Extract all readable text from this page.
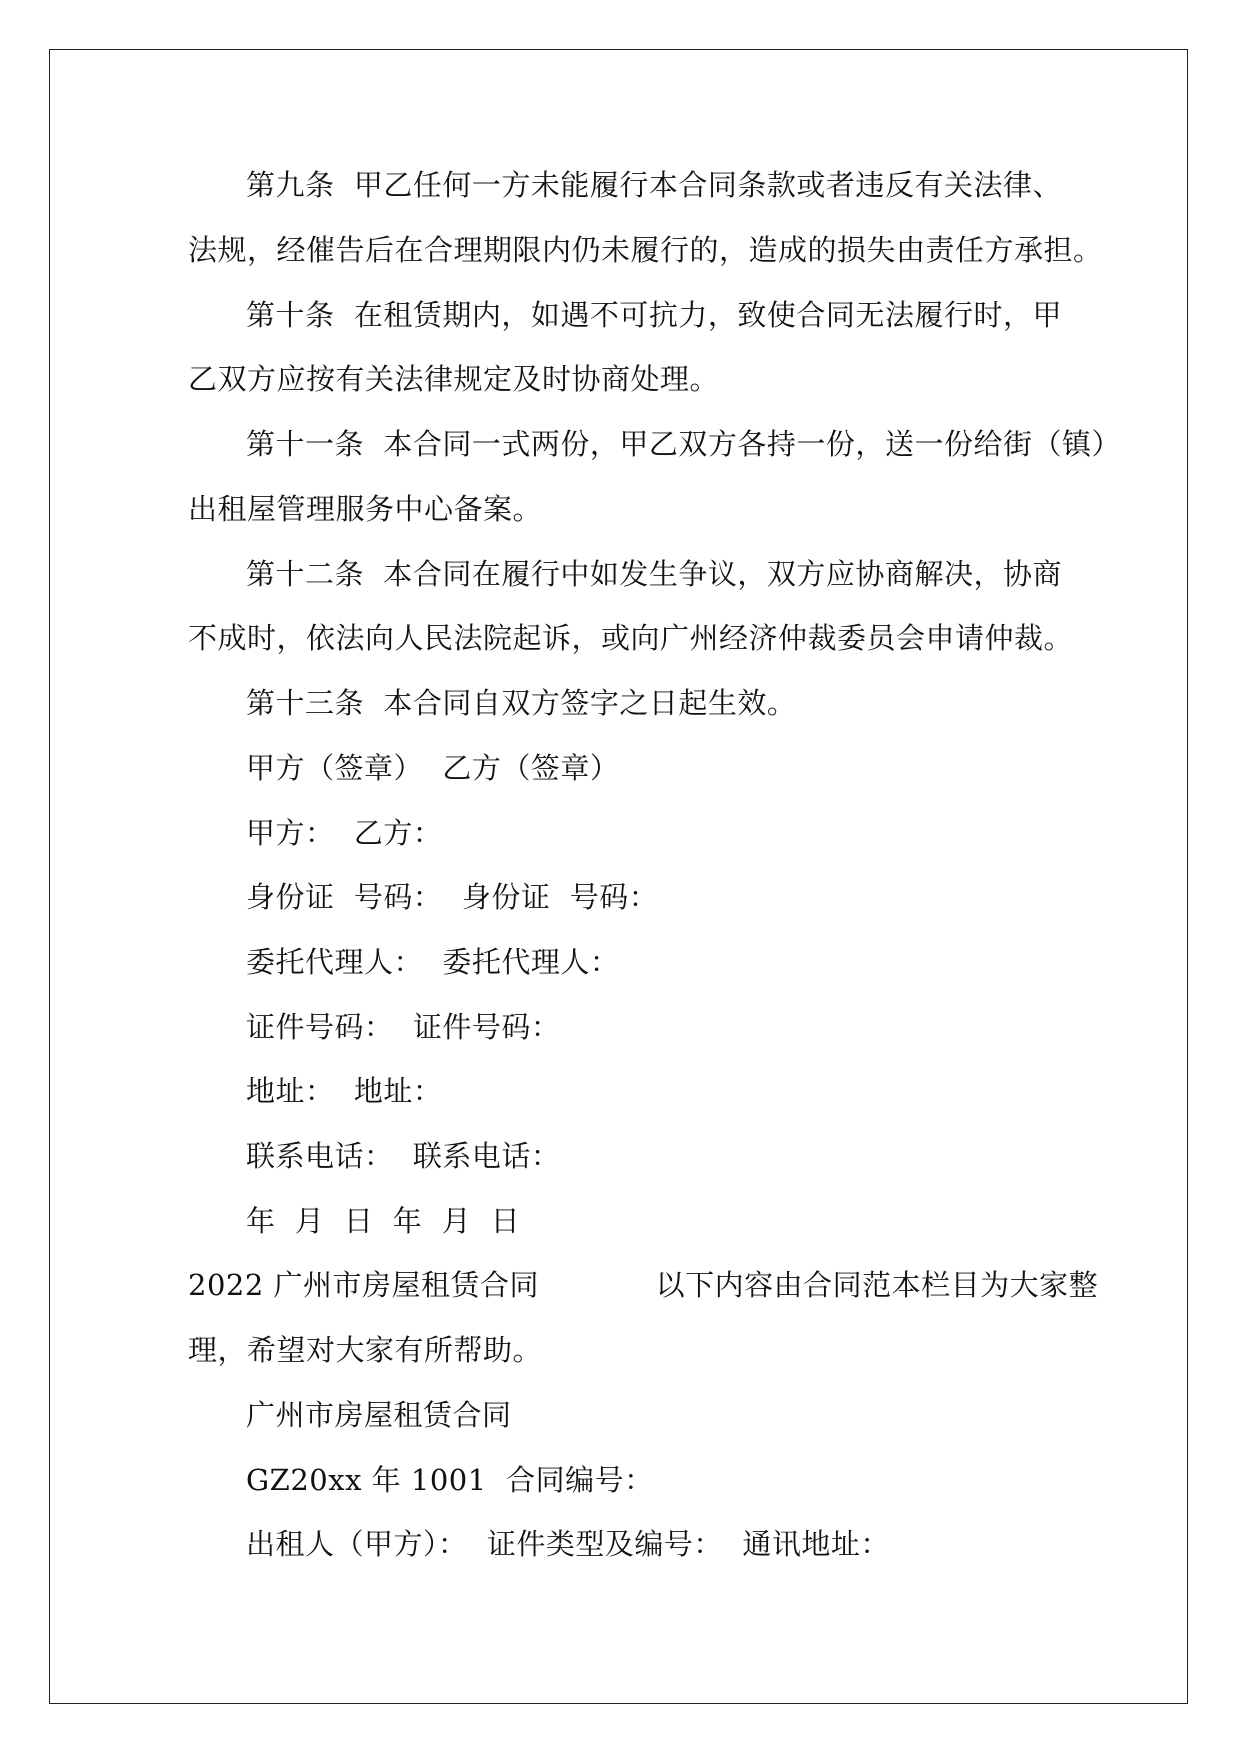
第九条  甲乙任何一方未能履行本合同条款或者违反有关法律、
法规，经催告后在合理期限内仍未履行的，造成的损失由责任方承担。
第十条  在租赁期内，如遇不可抗力，致使合同无法履行时，甲
乙双方应按有关法律规定及时协商处理。
第十一条  本合同一式两份，甲乙双方各持一份，送一份给街（镇）
出租屋管理服务中心备案。
第十二条  本合同在履行中如发生争议，双方应协商解决，协商
不成时，依法向人民法院起诉，或向广州经济仲裁委员会申请仲裁。
第十三条  本合同自双方签字之日起生效。
甲方（签章）  乙方（签章）
甲方：  乙方：
身份证  号码：  身份证  号码：
委托代理人：  委托代理人：
证件号码：  证件号码：
地址：  地址：
联系电话：  联系电话：
年  月  日  年  月  日
2022 广州市房屋租赁合同            以下内容由合同范本栏目为大家整
理，希望对大家有所帮助。
广州市房屋租赁合同
GZ20xx 年 1001  合同编号：
出租人（甲方）：  证件类型及编号：  通讯地址：
